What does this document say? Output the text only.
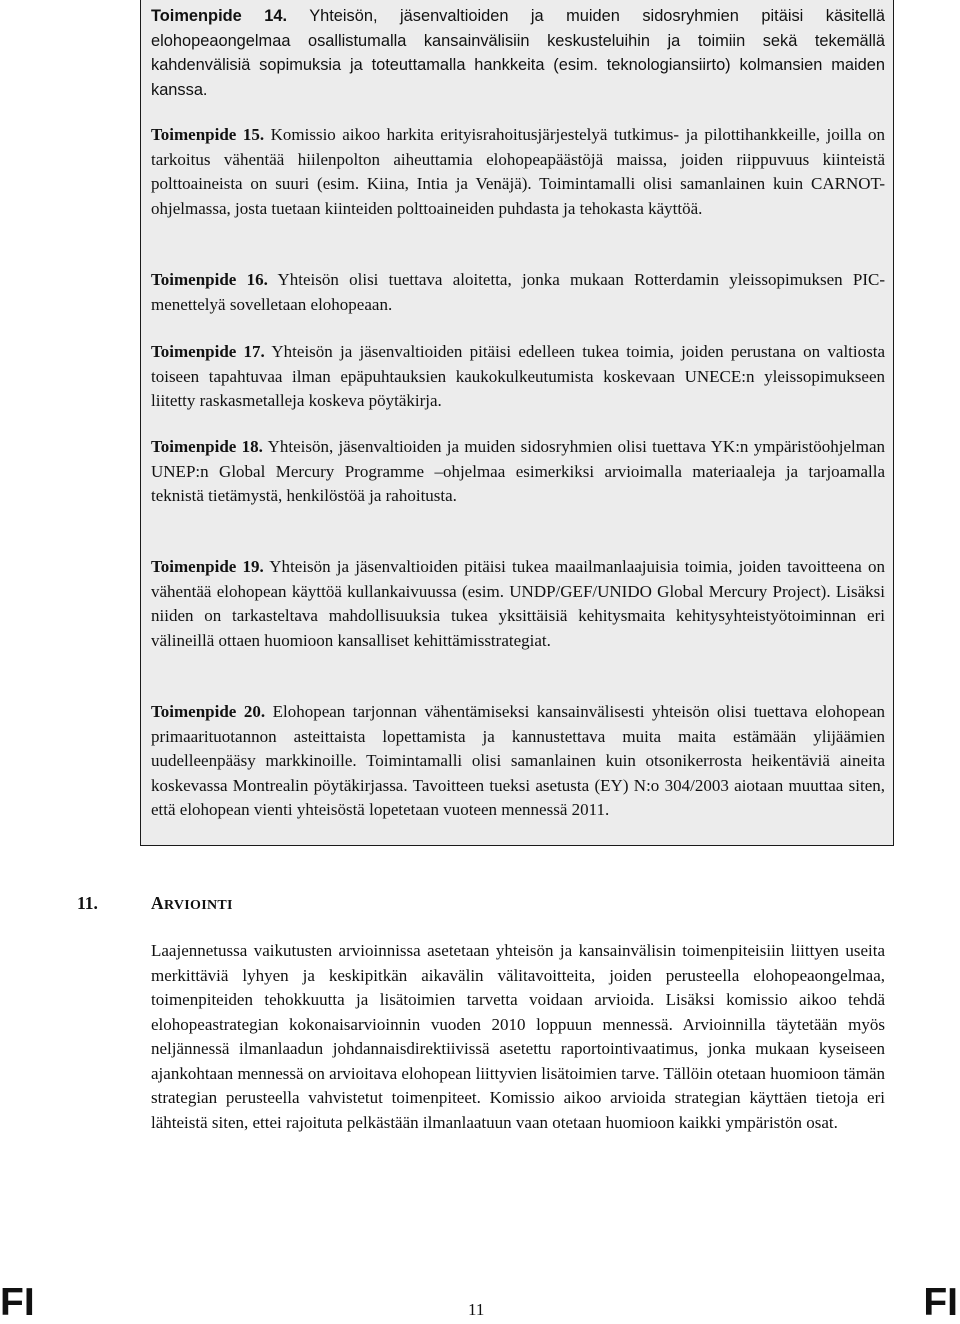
Toimenpide 14. Yhteisön, jäsenvaltioiden ja muiden sidosryhmien pitäisi käsitellä elohopeaongelmaa osallistumalla kansainvälisiin keskusteluihin ja toimiin sekä tekemällä kahdenvälisiä sopimuksia ja toteuttamalla hankkeita (esim. teknologiansiirto) kolmansien maiden kanssa.

Toimenpide 15. Komissio aikoo harkita erityisrahoitusjärjestelyä tutkimus- ja pilottihankkeille, joilla on tarkoitus vähentää hiilenpolton aiheuttamia elohopeapäästöjä maissa, joiden riippuvuus kiinteistä polttoaineista on suuri (esim. Kiina, Intia ja Venäjä). Toimintamalli olisi samanlainen kuin CARNOT-ohjelmassa, josta tuetaan kiinteiden polttoaineiden puhdasta ja tehokasta käyttöä.

Toimenpide 16. Yhteisön olisi tuettava aloitetta, jonka mukaan Rotterdamin yleissopimuksen PIC-menettelyä sovelletaan elohopeaan.

Toimenpide 17. Yhteisön ja jäsenvaltioiden pitäisi edelleen tukea toimia, joiden perustana on valtiosta toiseen tapahtuvaa ilman epäpuhtauksien kaukokulkeutumista koskevaan UNECE:n yleissopimukseen liitetty raskasmetalleja koskeva pöytäkirja.

Toimenpide 18. Yhteisön, jäsenvaltioiden ja muiden sidosryhmien olisi tuettava YK:n ympäristöohjelman UNEP:n Global Mercury Programme –ohjelmaa esimerkiksi arvioimalla materiaaleja ja tarjoamalla teknistä tietämystä, henkilöstöä ja rahoitusta.

Toimenpide 19. Yhteisön ja jäsenvaltioiden pitäisi tukea maailmanlaajuisia toimia, joiden tavoitteena on vähentää elohopean käyttöä kullankaivuussa (esim. UNDP/GEF/UNIDO Global Mercury Project). Lisäksi niiden on tarkasteltava mahdollisuuksia tukea yksittäisiä kehitysmaita kehitysyhteistyötoiminnan eri välineillä ottaen huomioon kansalliset kehittämisstrategiat.

Toimenpide 20. Elohopean tarjonnan vähentämiseksi kansainvälisesti yhteisön olisi tuettava elohopean primaarituotannon asteittaista lopettamista ja kannustettava muita maita estämään ylijäämien uudelleenpääsy markkinoille. Toimintamalli olisi samanlainen kuin otsonikerrosta heikentäviä aineita koskevassa Montrealin pöytäkirjassa. Tavoitteen tueksi asetusta (EY) N:o 304/2003 aiotaan muuttaa siten, että elohopean vienti yhteisöstä lopetetaan vuoteen mennessä 2011.

11.	ARVIOINTI

Laajennetussa vaikutusten arvioinnissa asetetaan yhteisön ja kansainvälisin toimenpiteisiin liittyen useita merkittäviä lyhyen ja keskipitkän aikavälin välitavoitteita, joiden perusteella elohopeaongelmaa, toimenpiteiden tehokkuutta ja lisätoimien tarvetta voidaan arvioida. Lisäksi komissio aikoo tehdä elohopeastrategian kokonaisarvioinnin vuoden 2010 loppuun mennessä. Arvioinnilla täytetään myös neljännessä ilmanlaadun johdannaisdirektiivissä asetettu raportointivaatimus, jonka mukaan kyseiseen ajankohtaan mennessä on arvioitava elohopean liittyvien lisätoimien tarve. Tällöin otetaan huomioon tämän strategian perusteella vahvistetut toimenpiteet. Komissio aikoo arvioida strategian käyttäen tietoja eri lähteistä siten, ettei rajoituta pelkästään ilmanlaatuun vaan otetaan huomioon kaikki ympäristön osat.

FI	11	FI
